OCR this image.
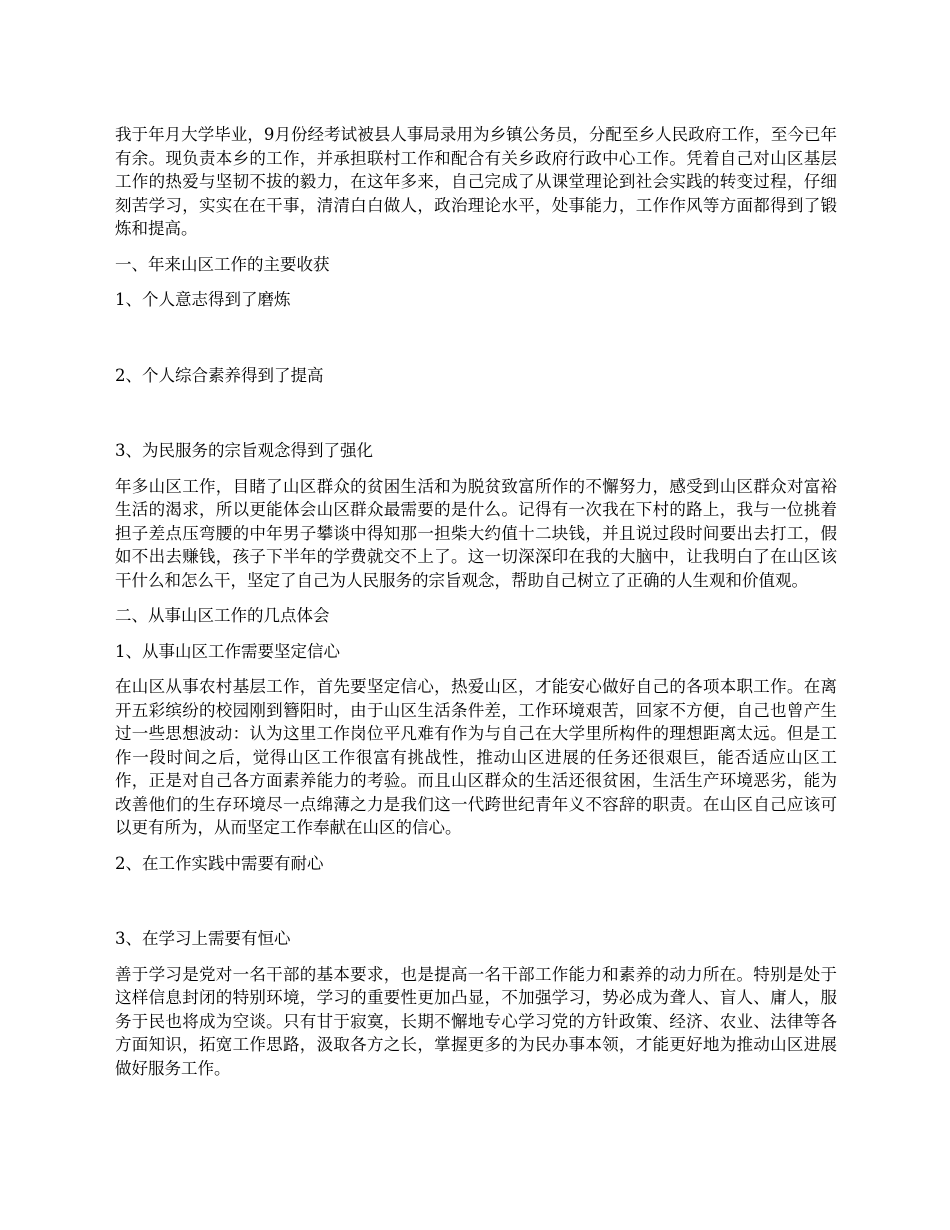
我于年月大学毕业，9月份经考试被县人事局录用为乡镇公务员，分配至乡人民政府工作，至今已年有余。现负责本乡的工作，并承担联村工作和配合有关乡政府行政中心工作。凭着自己对山区基层工作的热爱与坚韧不拔的毅力，在这年多来，自己完成了从课堂理论到社会实践的转变过程，仔细刻苦学习，实实在在干事，清清白白做人，政治理论水平，处事能力，工作作风等方面都得到了锻炼和提高。

一、年来山区工作的主要收获

1、个人意志得到了磨炼

2、个人综合素养得到了提高

3、为民服务的宗旨观念得到了强化

年多山区工作，目睹了山区群众的贫困生活和为脱贫致富所作的不懈努力，感受到山区群众对富裕生活的渴求，所以更能体会山区群众最需要的是什么。记得有一次我在下村的路上，我与一位挑着担子差点压弯腰的中年男子攀谈中得知那一担柴大约值十二块钱，并且说过段时间要出去打工，假如不出去赚钱，孩子下半年的学费就交不上了。这一切深深印在我的大脑中，让我明白了在山区该干什么和怎么干，坚定了自己为人民服务的宗旨观念，帮助自己树立了正确的人生观和价值观。

二、从事山区工作的几点体会

1、从事山区工作需要坚定信心

在山区从事农村基层工作，首先要坚定信心，热爱山区，才能安心做好自己的各项本职工作。在离开五彩缤纷的校园刚到簪阳时，由于山区生活条件差，工作环境艰苦，回家不方便，自己也曾产生过一些思想波动：认为这里工作岗位平凡难有作为与自己在大学里所构件的理想距离太远。但是工作一段时间之后，觉得山区工作很富有挑战性，推动山区进展的任务还很艰巨，能否适应山区工作，正是对自己各方面素养能力的考验。而且山区群众的生活还很贫困，生活生产环境恶劣，能为改善他们的生存环境尽一点绵薄之力是我们这一代跨世纪青年义不容辞的职责。在山区自己应该可以更有所为，从而坚定工作奉献在山区的信心。

2、在工作实践中需要有耐心

3、在学习上需要有恒心

善于学习是党对一名干部的基本要求，也是提高一名干部工作能力和素养的动力所在。特别是处于这样信息封闭的特别环境，学习的重要性更加凸显，不加强学习，势必成为聋人、盲人、庸人，服务于民也将成为空谈。只有甘于寂寞，长期不懈地专心学习党的方针政策、经济、农业、法律等各方面知识，拓宽工作思路，汲取各方之长，掌握更多的为民办事本领，才能更好地为推动山区进展做好服务工作。
